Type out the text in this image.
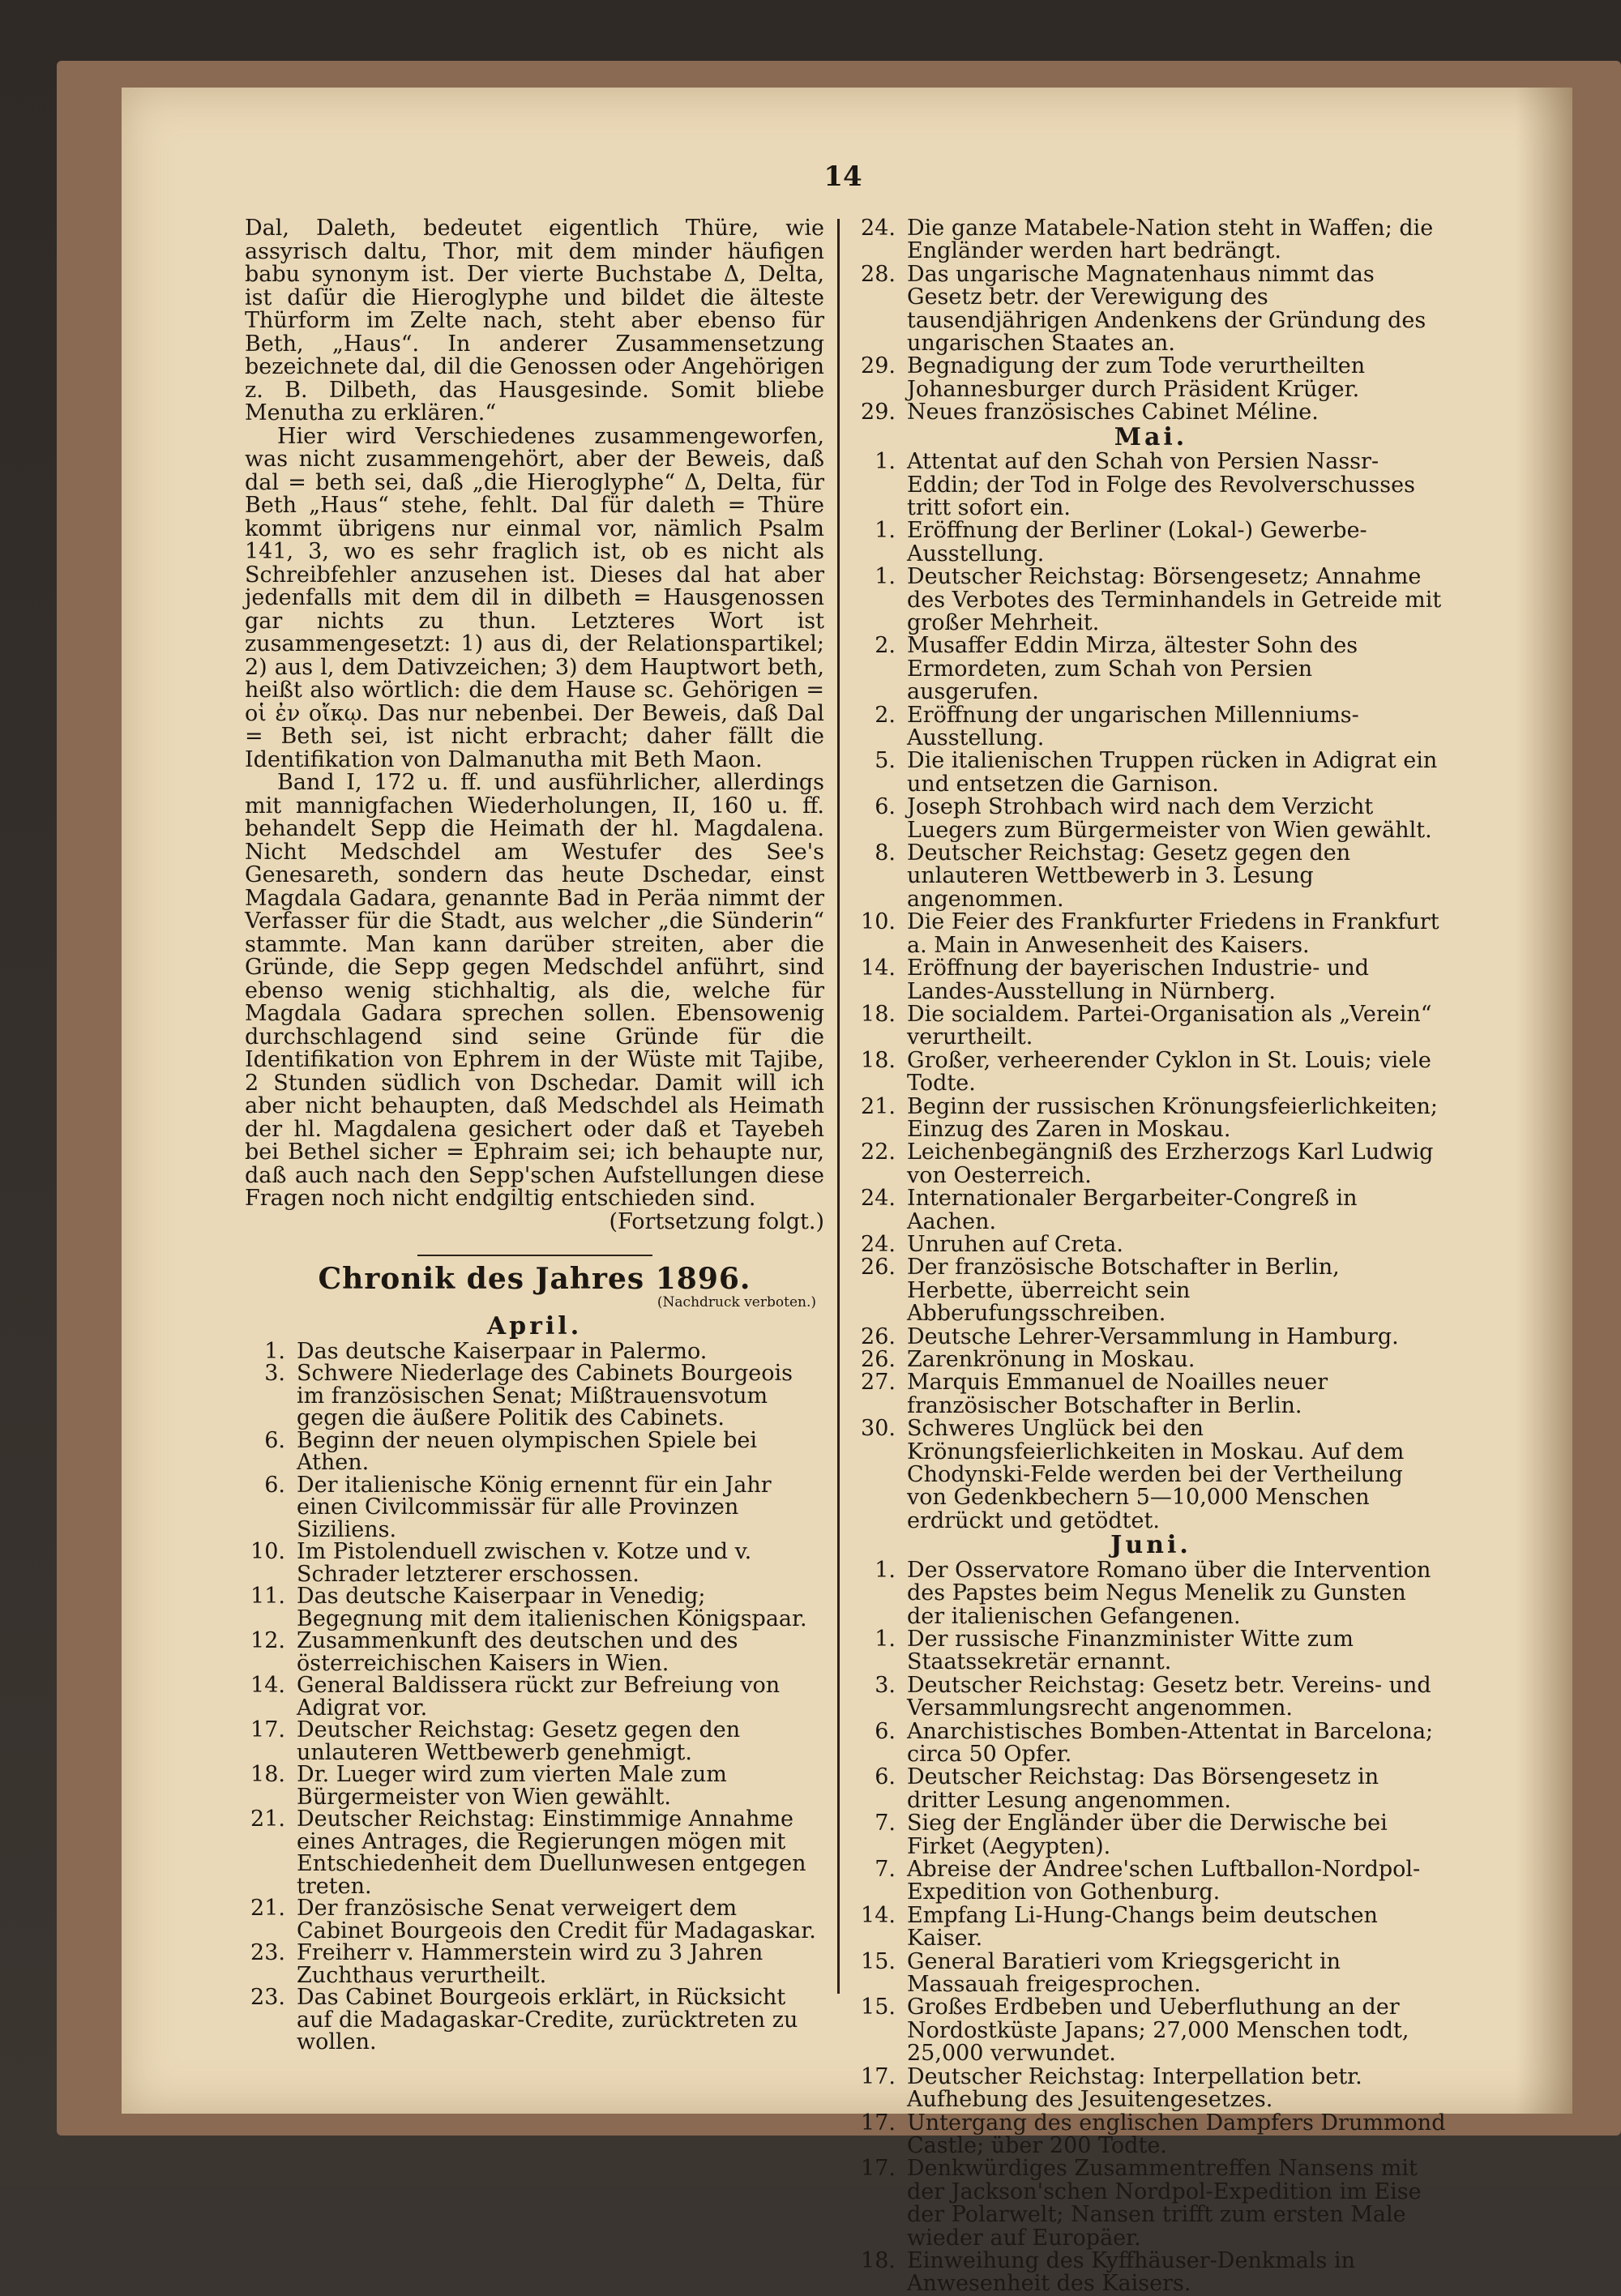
14

Dal, Daleth, bedeutet eigentlich Thüre, wie assyrisch daltu, Thor, mit dem minder häufigen babu synonym ist. Der vierte Buchstabe Δ, Delta, ist daſür die Hieroglyphe und bildet die älteste Thürform im Zelte nach, steht aber ebenso für Beth, „Haus“. In anderer Zusammensetzung bezeichnete dal, dil die Genossen oder Angehörigen z. B. Dilbeth, das Hausgesinde. Somit bliebe Menutha zu erklären.“

Hier wird Verschiedenes zusammengeworfen, was nicht zusammengehört, aber der Beweis, daß dal = beth sei, daß „die Hieroglyphe“ Δ, Delta, für Beth „Haus“ stehe, fehlt. Dal für daleth = Thüre kommt übrigens nur einmal vor, nämlich Psalm 141, 3, wo es sehr fraglich ist, ob es nicht als Schreibfehler anzusehen ist. Dieses dal hat aber jedenfalls mit dem dil in dilbeth = Hausgenossen gar nichts zu thun. Letzteres Wort ist zusammengesetzt: 1) aus di, der Relationspartikel; 2) aus l, dem Dativzeichen; 3) dem Hauptwort beth, heißt also wörtlich: die dem Hause sc. Gehörigen = οἱ ἐν οἴκῳ. Das nur nebenbei. Der Beweis, daß Dal = Beth sei, ist nicht erbracht; daher fällt die Identifikation von Dalmanutha mit Beth Maon.

Band I, 172 u. ff. und ausführlicher, allerdings mit mannigfachen Wiederholungen, II, 160 u. ff. behandelt Sepp die Heimath der hl. Magdalena. Nicht Medschdel am Westufer des See's Genesareth, sondern das heute Dschedar, einst Magdala Gadara, genannte Bad in Peräa nimmt der Verfasser für die Stadt, aus welcher „die Sünderin“ stammte. Man kann darüber streiten, aber die Gründe, die Sepp gegen Medschdel anführt, sind ebenso wenig stichhaltig, als die, welche für Magdala Gadara sprechen sollen. Ebensowenig durchschlagend sind seine Gründe für die Identifikation von Ephrem in der Wüste mit Tajibe, 2 Stunden südlich von Dschedar. Damit will ich aber nicht behaupten, daß Medschdel als Heimath der hl. Magdalena gesichert oder daß et Tayebeh bei Bethel sicher = Ephraim sei; ich behaupte nur, daß auch nach den Sepp'schen Aufstellungen diese Fragen noch nicht endgiltig entschieden sind.

(Fortsetzung folgt.)

Chronik des Jahres 1896.

(Nachdruck verboten.)

April.

1. Das deutsche Kaiserpaar in Palermo.
3. Schwere Niederlage des Cabinets Bourgeois im französischen Senat; Mißtrauensvotum gegen die äußere Politik des Cabinets.
6. Beginn der neuen olympischen Spiele bei Athen.
6. Der italienische König ernennt für ein Jahr einen Civilcommissär für alle Provinzen Siziliens.
10. Im Pistolenduell zwischen v. Kotze und v. Schrader letzterer erschossen.
11. Das deutsche Kaiserpaar in Venedig; Begegnung mit dem italienischen Königspaar.
12. Zusammenkunft des deutschen und des österreichischen Kaisers in Wien.
14. General Baldissera rückt zur Befreiung von Adigrat vor.
17. Deutscher Reichstag: Gesetz gegen den unlauteren Wettbewerb genehmigt.
18. Dr. Lueger wird zum vierten Male zum Bürgermeister von Wien gewählt.
21. Deutscher Reichstag: Einstimmige Annahme eines Antrages, die Regierungen mögen mit Entschiedenheit dem Duellunwesen entgegen treten.
21. Der französische Senat verweigert dem Cabinet Bourgeois den Credit für Madagaskar.
23. Freiherr v. Hammerstein wird zu 3 Jahren Zuchthaus verurtheilt.
23. Das Cabinet Bourgeois erklärt, in Rücksicht auf die Madagaskar-Credite, zurücktreten zu wollen.
24. Die ganze Matabele-Nation steht in Waffen; die Engländer werden hart bedrängt.
28. Das ungarische Magnatenhaus nimmt das Gesetz betr. der Verewigung des tausendjährigen Andenkens der Gründung des ungarischen Staates an.
29. Begnadigung der zum Tode verurtheilten Johannesburger durch Präsident Krüger.
29. Neues französisches Cabinet Méline.

Mai.

1. Attentat auf den Schah von Persien Nassr-Eddin; der Tod in Folge des Revolverschusses tritt sofort ein.
1. Eröffnung der Berliner (Lokal-) Gewerbe-Ausstellung.
1. Deutscher Reichstag: Börsengesetz; Annahme des Verbotes des Terminhandels in Getreide mit großer Mehrheit.
2. Musaffer Eddin Mirza, ältester Sohn des Ermordeten, zum Schah von Persien ausgerufen.
2. Eröffnung der ungarischen Millenniums-Ausstellung.
5. Die italienischen Truppen rücken in Adigrat ein und entsetzen die Garnison.
6. Joseph Strohbach wird nach dem Verzicht Luegers zum Bürgermeister von Wien gewählt.
8. Deutscher Reichstag: Gesetz gegen den unlauteren Wettbewerb in 3. Lesung angenommen.
10. Die Feier des Frankfurter Friedens in Frankfurt a. Main in Anwesenheit des Kaisers.
14. Eröffnung der bayerischen Industrie- und Landes-Ausstellung in Nürnberg.
18. Die socialdem. Partei-Organisation als „Verein“ verurtheilt.
18. Großer, verheerender Cyklon in St. Louis; viele Todte.
21. Beginn der russischen Krönungsfeierlichkeiten; Einzug des Zaren in Moskau.
22. Leichenbegängniß des Erzherzogs Karl Ludwig von Oesterreich.
24. Internationaler Bergarbeiter-Congreß in Aachen.
24. Unruhen auf Creta.
26. Der französische Botschafter in Berlin, Herbette, überreicht sein Abberufungsschreiben.
26. Deutsche Lehrer-Versammlung in Hamburg.
26. Zarenkrönung in Moskau.
27. Marquis Emmanuel de Noailles neuer französischer Botschafter in Berlin.
30. Schweres Unglück bei den Krönungsfeierlichkeiten in Moskau. Auf dem Chodynski-Felde werden bei der Vertheilung von Gedenkbechern 5—10,000 Menschen erdrückt und getödtet.

Juni.

1. Der Osservatore Romano über die Intervention des Papstes beim Negus Menelik zu Gunsten der italienischen Gefangenen.
1. Der russische Finanzminister Witte zum Staatssekretär ernannt.
3. Deutscher Reichstag: Gesetz betr. Vereins- und Versammlungsrecht angenommen.
6. Anarchistisches Bomben-Attentat in Barcelona; circa 50 Opfer.
6. Deutscher Reichstag: Das Börsengesetz in dritter Lesung angenommen.
7. Sieg der Engländer über die Derwische bei Firket (Aegypten).
7. Abreise der Andree'schen Luftballon-Nordpol-Expedition von Gothenburg.
14. Empfang Li-Hung-Changs beim deutschen Kaiser.
15. General Baratieri vom Kriegsgericht in Massauah freigesprochen.
15. Großes Erdbeben und Ueberfluthung an der Nordostküste Japans; 27,000 Menschen todt, 25,000 verwundet.
17. Deutscher Reichstag: Interpellation betr. Aufhebung des Jesuitengesetzes.
17. Untergang des englischen Dampfers Drummond Castle; über 200 Todte.
17. Denkwürdiges Zusammentreffen Nansens mit der Jackson'schen Nordpol-Expedition im Eise der Polarwelt; Nansen trifft zum ersten Male wieder auf Europäer.
18. Einweihung des Kyffhäuser-Denkmals in Anwesenheit des Kaisers.
